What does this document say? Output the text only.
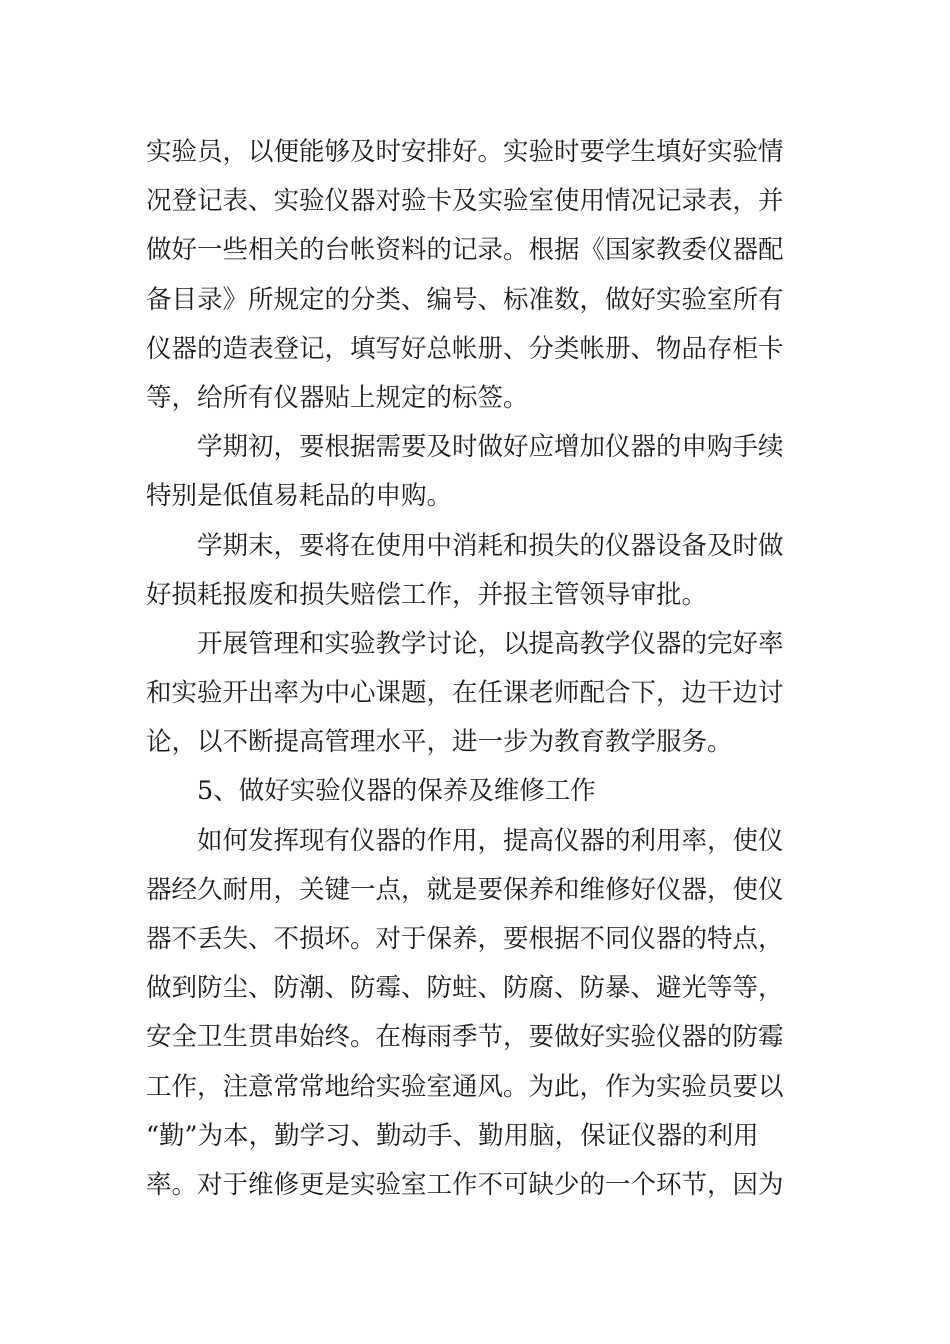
实验员，以便能够及时安排好。实验时要学生填好实验情
况登记表、实验仪器对验卡及实验室使用情况记录表，并
做好一些相关的台帐资料的记录。根据《国家教委仪器配
备目录》所规定的分类、编号、标准数，做好实验室所有
仪器的造表登记，填写好总帐册、分类帐册、物品存柜卡
等，给所有仪器贴上规定的标签。
学期初，要根据需要及时做好应增加仪器的申购手续
特别是低值易耗品的申购。
学期末，要将在使用中消耗和损失的仪器设备及时做
好损耗报废和损失赔偿工作，并报主管领导审批。
开展管理和实验教学讨论，以提高教学仪器的完好率
和实验开出率为中心课题，在任课老师配合下，边干边讨
论，以不断提高管理水平，进一步为教育教学服务。
5、做好实验仪器的保养及维修工作
如何发挥现有仪器的作用，提高仪器的利用率，使仪
器经久耐用，关键一点，就是要保养和维修好仪器，使仪
器不丢失、不损坏。对于保养，要根据不同仪器的特点，
做到防尘、防潮、防霉、防蛀、防腐、防暴、避光等等，
安全卫生贯串始终。在梅雨季节，要做好实验仪器的防霉
工作，注意常常地给实验室通风。为此，作为实验员要以
“勤”为本，勤学习、勤动手、勤用脑，保证仪器的利用
率。对于维修更是实验室工作不可缺少的一个环节，因为
